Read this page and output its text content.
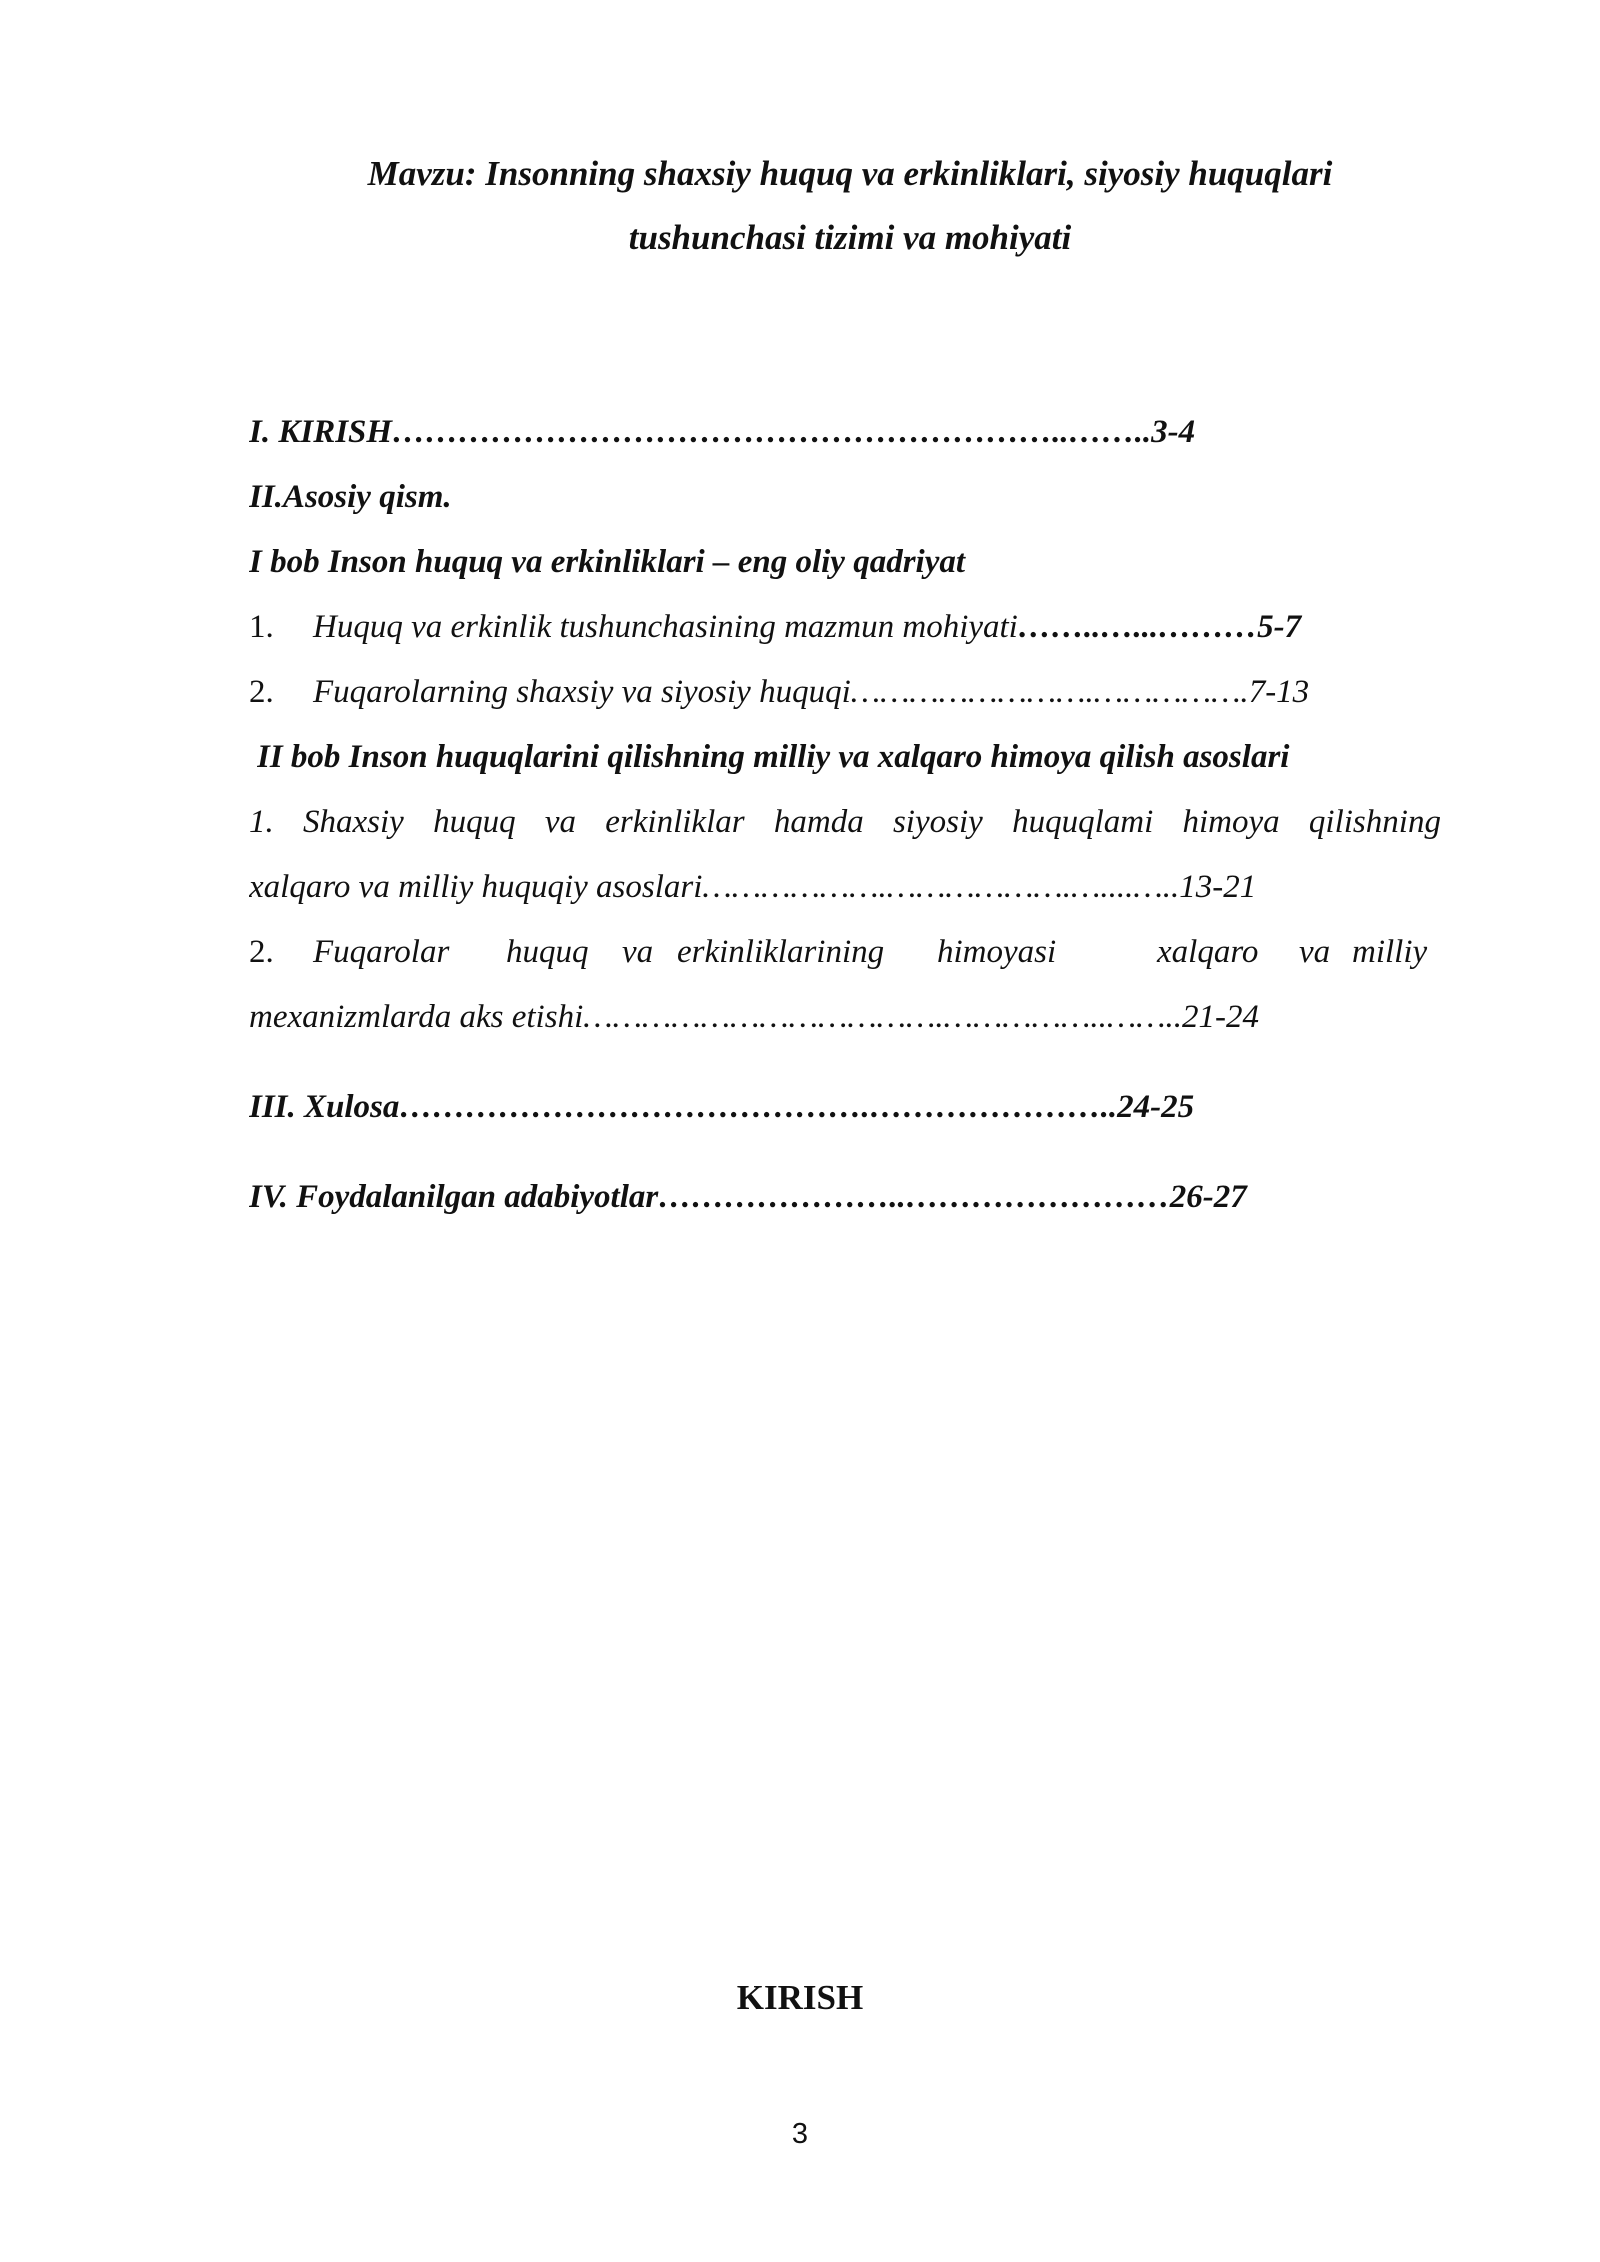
Mavzu: Insonning shaxsiy huquq va erkinliklari, siyosiy huquqlari
tushunchasi tizimi va mohiyati
I. KIRISH……………………………………………………..……..3-4
II.Asosiy qism.
I bob Inson huquq va erkinliklari – eng oliy qadriyat
1. Huquq va erkinlik tushunchasining mazmun mohiyati……..…...………5-7
2. Fuqarolarning shaxsiy va siyosiy huquqi…………………….…………….7-13
II bob Inson huquqlarini qilishning milliy va xalqaro himoya qilish asoslari
1. Shaxsiy huquq va erkinliklar hamda siyosiy huquqlami himoya qilishning
xalqaro va milliy huquqiy asoslari……………….……………….…....…..13-21
2.	Fuqarolar huquq va erkinliklarining himoyasi	xalqaro va milliy
mexanizmlarda aks etishi……………………………….……………..……..21-24
III. Xulosa…………………………………….…………………..24-25
IV. Foydalanilgan adabiyotlar…………………..……………………26-27
KIRISH
3
